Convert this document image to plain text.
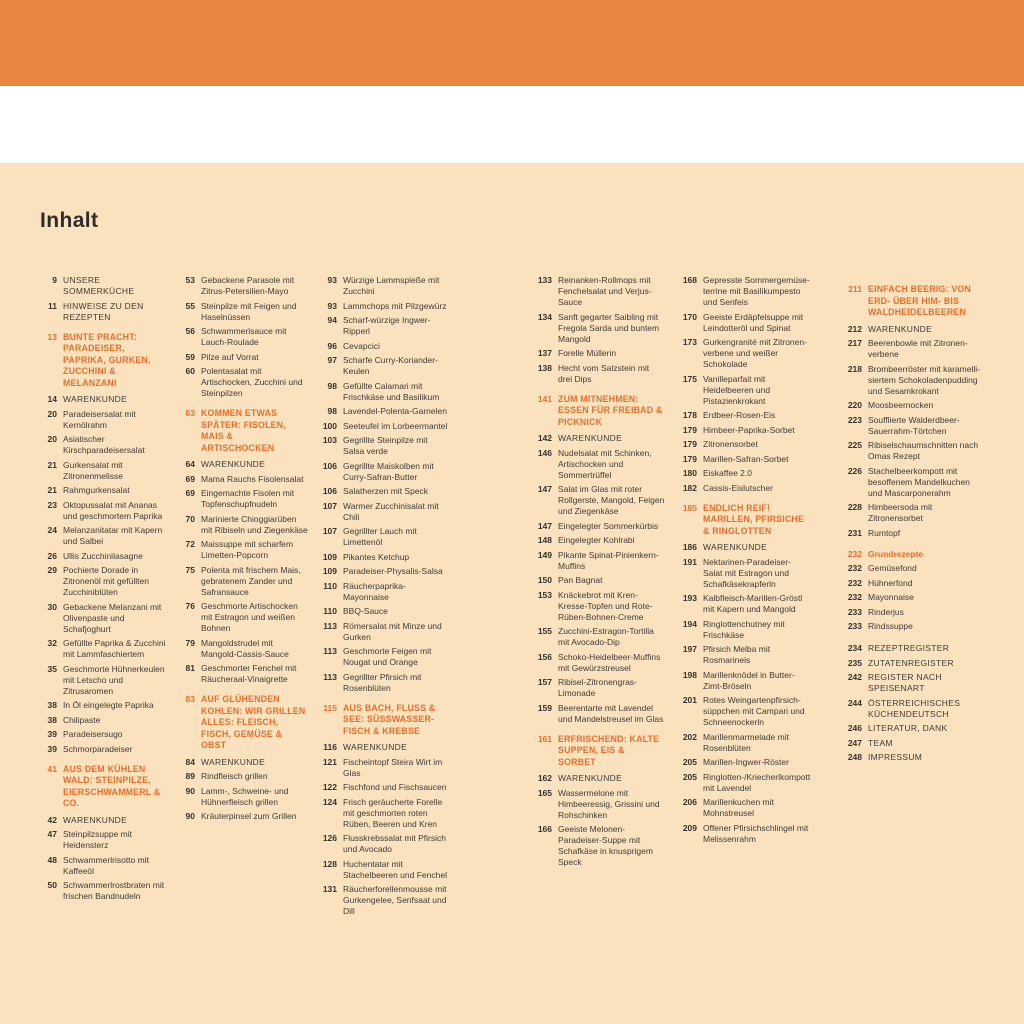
Inhalt
9 UNSERE SOMMERKÜCHE
11 HINWEISE ZU DEN REZEPTEN
13 BUNTE PRACHT: PARADEISER, PAPRIKA, GURKEN, ZUCCHINI & MELANZANI
14 WARENKUNDE
20 Paradeisersalat mit Kernölrahm
20 Asiatischer Kirschparadeisersalat
21 Gurkensalat mit Zitronenmelisse
21 Rahmgurkensalat
23 Oktopussalat mit Ananas und geschmortem Paprika
24 Melanzanitatar mit Kapern und Salbei
26 Ullis Zucchinilasagne
29 Pochierte Dorade in Zitronenöl mit gefüllten Zucchiniblüten
30 Gebackene Melanzani mit Olivenpaste und Schafjoghurt
32 Gefüllte Paprika & Zucchini mit Lammfaschiertem
35 Geschmorte Hühnerkeulen mit Letscho und Zitrusaromen
38 In Öl eingelegte Paprika
38 Chilipaste
39 Paradeisersugo
39 Schmorparadeiser
41 AUS DEM KÜHLEN WALD: STEINPILZE, EIERSCHWAMMERL & CO.
42 WARENKUNDE
47 Steinpilzsuppe mit Heidensterz
48 Schwammerlrisotto mit Kaffeeöl
50 Schwammerlrostbraten mit frischen Bandnudeln
53 Gebackene Parasole mit Zitrus-Petersilien-Mayo
55 Steinpilze mit Feigen und Haselnüssen
56 Schwammerlsauce mit Lauch-Roulade
59 Pilze auf Vorrat
60 Polentasalat mit Artischocken, Zucchini und Steinpilzen
63 KOMMEN ETWAS SPÄTER: FISOLEN, MAIS & ARTISCHOCKEN
64 WARENKUNDE
69 Mama Rauchs Fisolensalat
69 Eingemachte Fisolen mit Topfenschupfnudeln
70 Marinierte Chioggiarüben mit Ribiseln und Ziegenkäse
72 Maissuppe mit scharfem Limetten-Popcorn
75 Polenta mit frischem Mais, gebratenem Zander und Safransauce
76 Geschmorte Artischocken mit Estragon und weißen Bohnen
79 Mangoldstrudel mit Mangold-Cassis-Sauce
81 Geschmorter Fenchel mit Räucheraal-Vinaigrette
83 AUF GLÜHENDEN KOHLEN: WIR GRILLEN ALLES: FLEISCH, FISCH, GEMÜSE & OBST
84 WARENKUNDE
89 Rindfleisch grillen
90 Lamm-, Schweine- und Hühnerfleisch grillen
90 Kräuterpinsel zum Grillen
93 Würzige Lammspieße mit Zucchini
93 Lammchops mit Pilzgewürz
94 Scharf-würzige Ingwer-Ripperl
96 Cevapcici
97 Scharfe Curry-Koriander-Keulen
98 Gefüllte Calamari mit Frischkäse und Basilikum
98 Lavendel-Polenta-Garnelen
100 Seeteufel im Lorbeermantel
103 Gegrillte Steinpilze mit Salsa verde
106 Gegrillte Maiskolben mit Curry-Safran-Butter
106 Salatherzen mit Speck
107 Warmer Zucchinisalat mit Chili
107 Gegrillter Lauch mit Limettenöl
109 Pikantes Ketchup
109 Paradeiser-Physalis-Salsa
110 Räucherpaprika-Mayonnaise
110 BBQ-Sauce
113 Römersalat mit Minze und Gurken
113 Geschmorte Feigen mit Nougat und Orange
113 Gegrillter Pfirsich mit Rosenblüten
115 AUS BACH, FLUSS & SEE: SÜSSWASSER-FISCH & KREBSE
116 WARENKUNDE
121 Fischeintopf Steira Wirt im Glas
122 Fischfond und Fischsaucen
124 Frisch geräucherte Forelle mit geschmorten roten Rüben, Beeren und Kren
126 Flusskrebssalat mit Pfirsich und Avocado
128 Huchentatar mit Stachelbeeren und Fenchel
131 Räucherforellenmousse mit Gurkengelee, Senfsaat und Dill
133 Reinanken-Rollmops mit Fenchelsalat und Verjus-Sauce
134 Sanft gegarter Saibling mit Fregola Sarda und buntem Mangold
137 Forelle Müllerin
138 Hecht vom Salzstein mit drei Dips
141 ZUM MITNEHMEN: ESSEN FÜR FREIBAD & PICKNICK
142 WARENKUNDE
146 Nudelsalat mit Schinken, Artischocken und Sommertrüffel
147 Salat im Glas mit roter Rollgerste, Mangold, Feigen und Ziegenkäse
147 Eingelegter Sommerkürbis
148 Eingelegter Kohlrabi
149 Pikante Spinat-Pinienkern-Muffins
150 Pan Bagnat
153 Knäckebrot mit Kren-Kresse-Topfen und Rote-Rüben-Bohnen-Creme
155 Zucchini-Estragon-Tortilla mit Avocado-Dip
156 Schoko-Heidelbeer-Muffins mit Gewürzstreusel
157 Ribisel-Zitronengras-Limonade
159 Beerentarte mit Lavendel und Mandelstreusel im Glas
161 ERFRISCHEND: KALTE SUPPEN, EIS & SORBET
162 WARENKUNDE
165 Wassermelone mit Himbeeressig, Grissini und Rohschinken
166 Geeiste Melonen-Paradeiser-Suppe mit Schafkäse in knusprigem Speck
168 Gepresste Sommergemüseterrine mit Basilikumpesto und Senfeis
170 Geeiste Erdäpfelsuppe mit Leindotteröl und Spinat
173 Gurkengranité mit Zitronenverbene und weißer Schokolade
175 Vanilleparfait mit Heidelbeeren und Pistazienkrokant
178 Erdbeer-Rosen-Eis
179 Himbeer-Paprika-Sorbet
179 Zitronensorbet
179 Marillen-Safran-Sorbet
180 Eiskaffee 2.0
182 Cassis-Eislutscher
185 ENDLICH REIF! MARILLEN, PFIRSICHE & RINGLOTTEN
186 WARENKUNDE
191 Nektarinen-Paradeiser-Salat mit Estragon und Schafkäsekrapferln
193 Kalbfleisch-Marillen-Gröstl mit Kapern und Mangold
194 Ringlottenchutney mit Frischkäse
197 Pfirsich Melba mit Rosmarineis
198 Marillenknödel in Butter-Zimt-Bröseln
201 Rotes Weingartenpfirsichsüppchen mit Campari und Schneenockerln
202 Marillenmarmelade mit Rosenblüten
205 Marillen-Ingwer-Röster
205 Ringlotten-/Kriecherlkompott mit Lavendel
206 Marillenkuchen mit Mohnstreusel
209 Offener Pfirsichschlingel mit Melissenrahm
211 EINFACH BEERIG: VON ERD- ÜBER HIM- BIS WALDHEIDELBEEREN
212 WARENKUNDE
217 Beerenbowle mit Zitronenverbene
218 Brombeerröster mit karamellisiertem Schokoladenpudding und Sesamkrokant
220 Moosbeernocken
223 Soufflierte Walderdbeer-Sauerrahm-Törtchen
225 Ribiselschaumschnitten nach Omas Rezept
226 Stachelbeerkompott mit besoffenem Mandelkuchen und Mascarponerahm
228 Himbeersoda mit Zitronensorbet
231 Rumtopf
232 Grundrezepte
232 Gemüsefond
232 Hühnerfond
232 Mayonnaise
233 Rinderjus
233 Rindssuppe
234 REZEPTREGISTER
235 ZUTATENREGISTER
242 REGISTER NACH SPEISENART
244 ÖSTERREICHISCHES KÜCHENDEUTSCH
246 LITERATUR, DANK
247 TEAM
248 IMPRESSUM
